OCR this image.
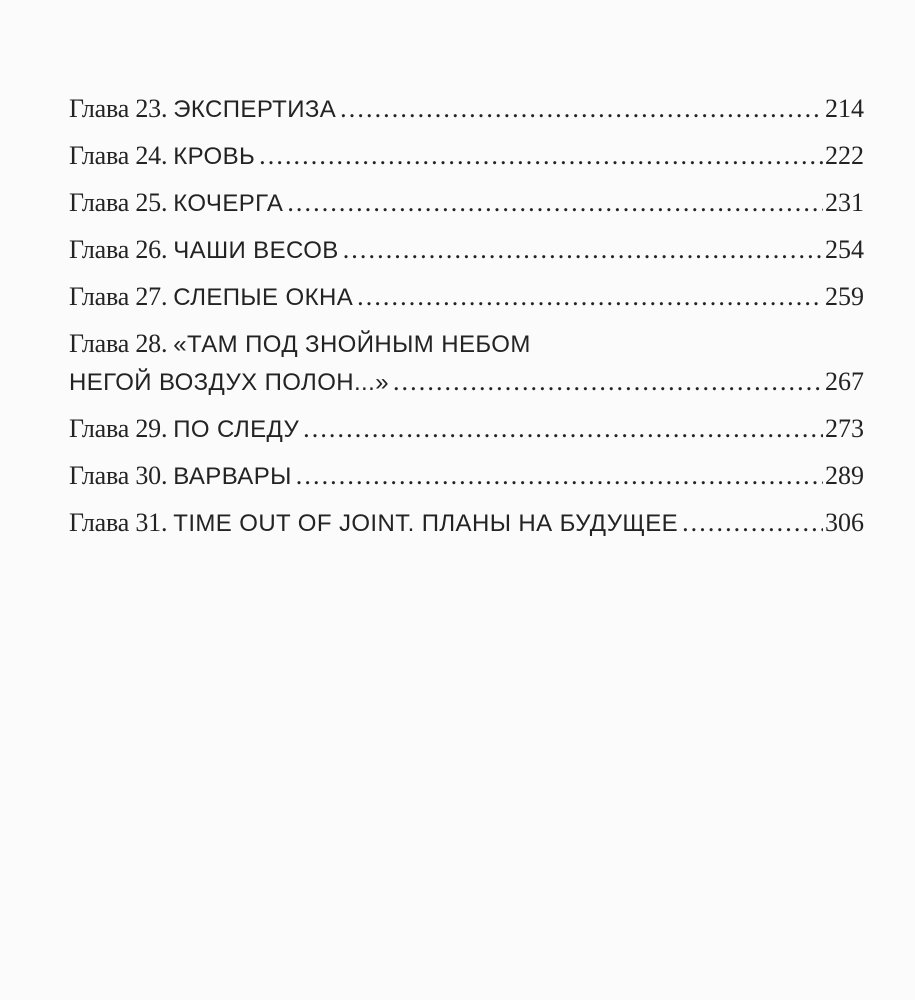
Глава 23. ЭКСПЕРТИЗА . . .	214
Глава 24. КРОВЬ . . .	222
Глава 25. КОЧЕРГА . . .	231
Глава 26. ЧАШИ ВЕСОВ . . .	254
Глава 27. СЛЕПЫЕ ОКНА . . .	259
Глава 28. «ТАМ ПОД ЗНОЙНЫМ НЕБОМ
НЕГОЙ ВОЗДУХ ПОЛОН...» . . .	267
Глава 29. ПО СЛЕДУ . . .	273
Глава 30. ВАРВАРЫ . . .	289
Глава 31. TIME OUT OF JOINT. ПЛАНЫ НА БУДУЩЕЕ . . .	306
